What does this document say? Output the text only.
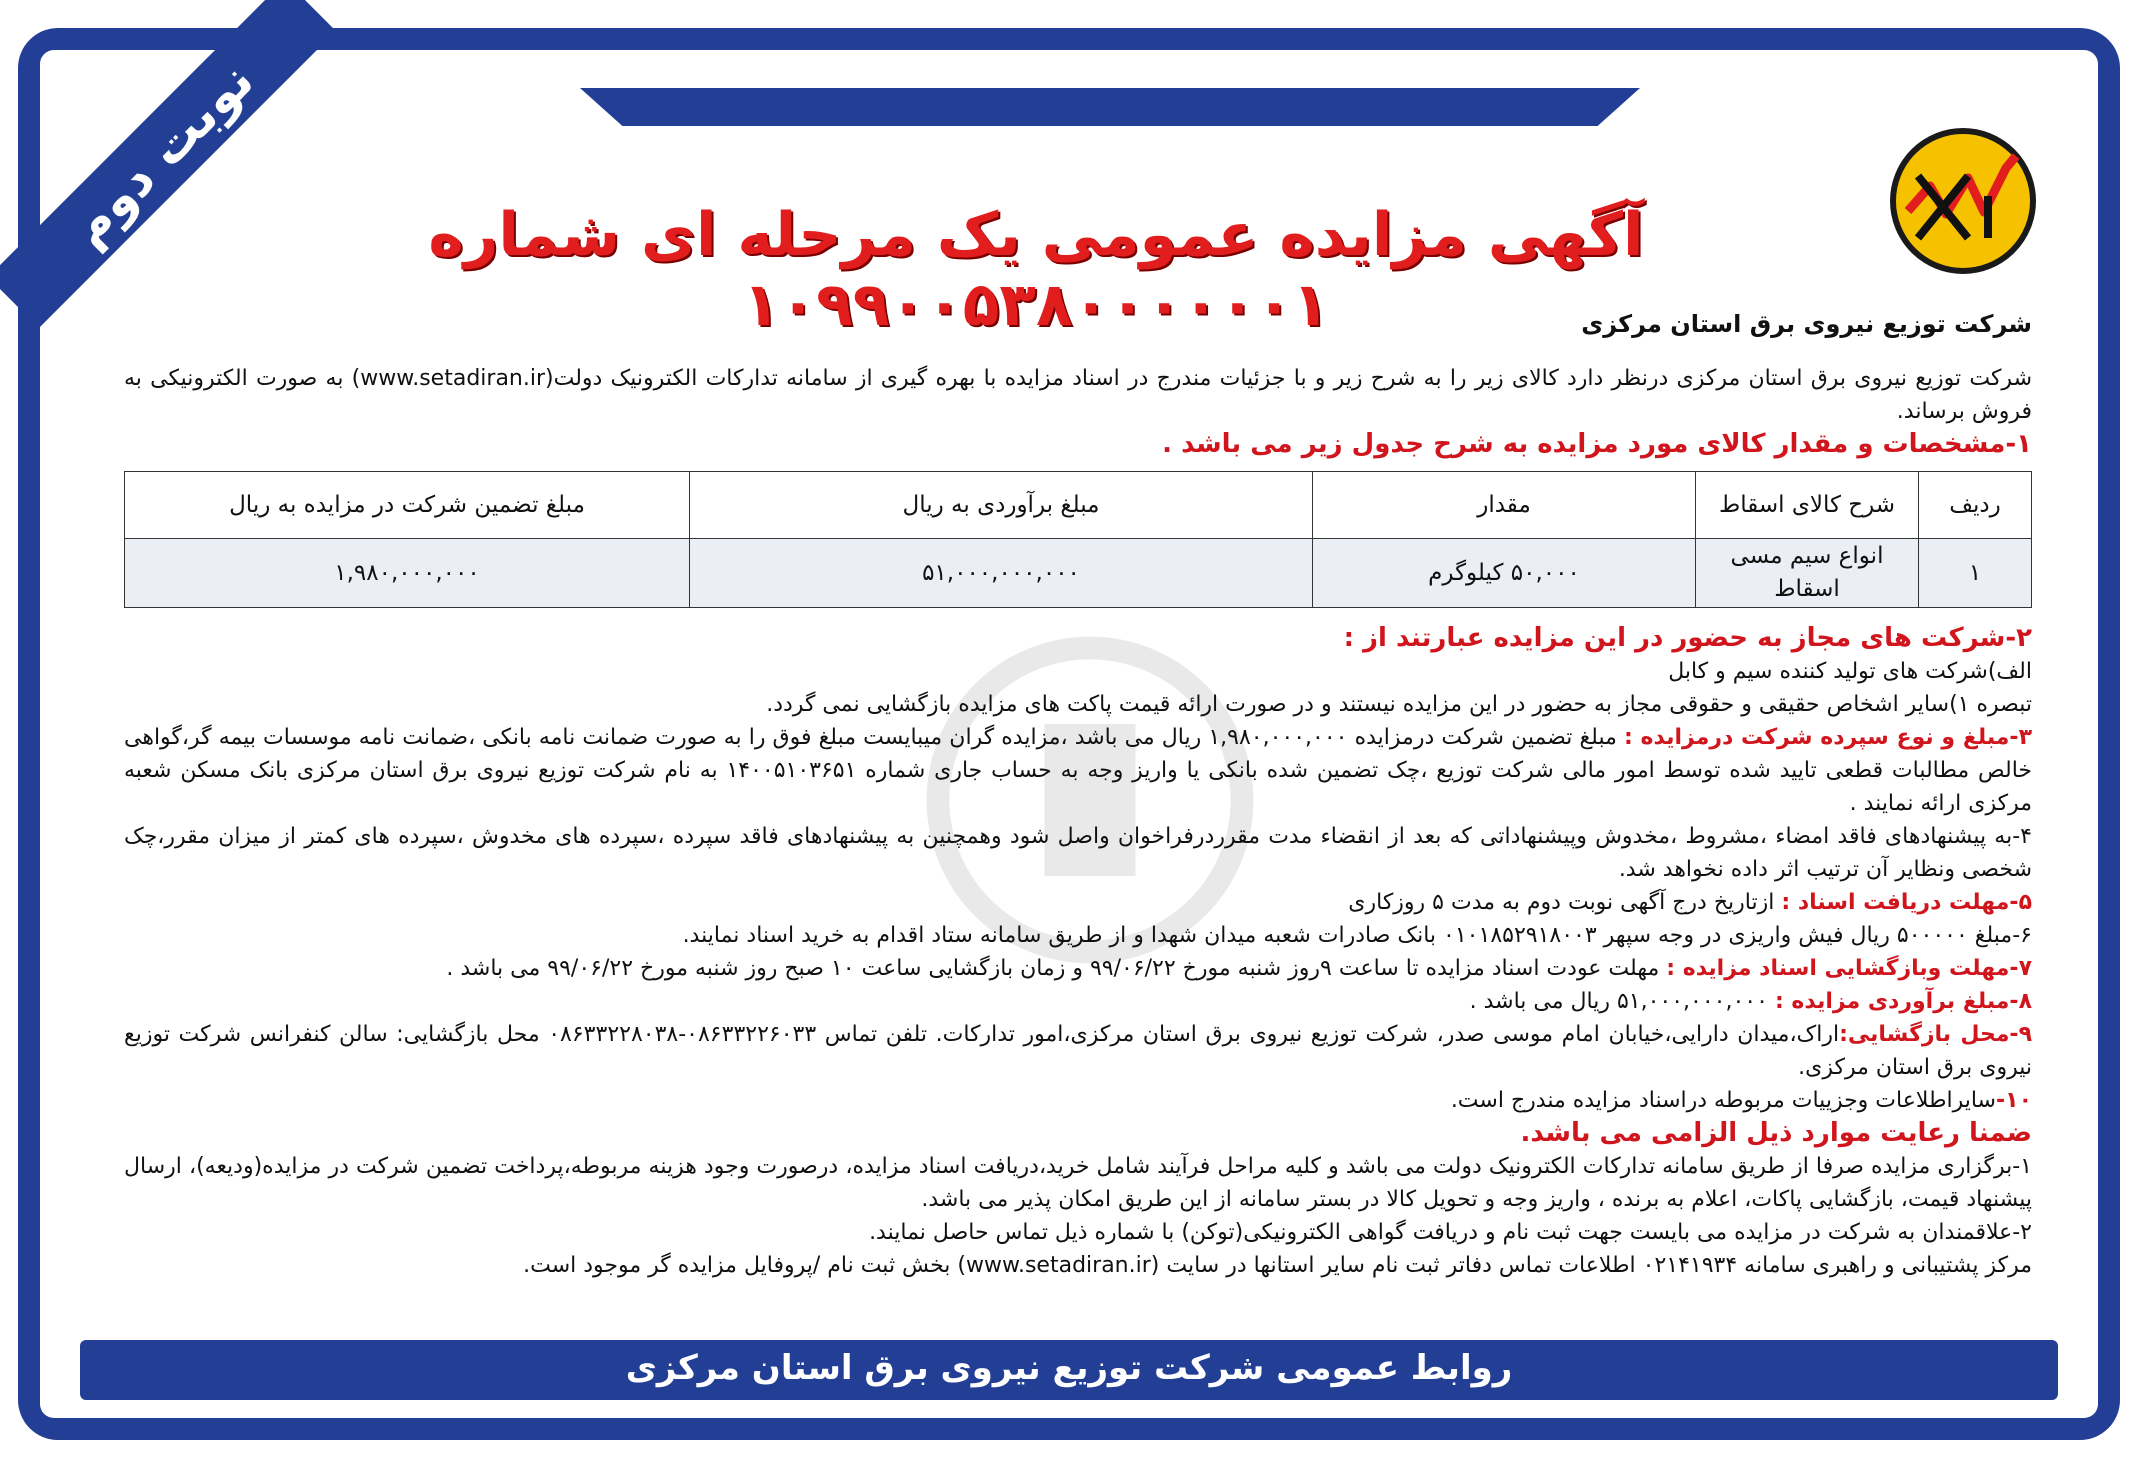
آگهی مزایده عمومی یک مرحله ای شماره ۱۰۹۹۰۰۵۳۸۰۰۰۰۰۰۱	شرکت توزیع نیروی برق استان مرکزی

شرکت توزیع نیروی برق استان مرکزی درنظر دارد کالای زیر را به شرح زیر و با جزئیات مندرج در اسناد مزایده با بهره گیری از سامانه تدارکات الکترونیک دولت(www.setadiran.ir) به صورت الکترونیکی به فروش برساند.

۱-مشخصات و مقدار کالای مورد مزایده به شرح جدول زیر می باشد .

ردیف	شرح کالای اسقاط	مقدار	مبلغ برآوردی به ریال	مبلغ تضمین شرکت در مزایده به ریال
۱	انواع سیم مسی اسقاط	۵۰,۰۰۰ کیلوگرم	۵۱,۰۰۰,۰۰۰,۰۰۰	۱,۹۸۰,۰۰۰,۰۰۰

۲-شرکت های مجاز به حضور در این مزایده عبارتند از :

الف)شرکت های تولید کننده سیم و کابل

تبصره ۱)سایر اشخاص حقیقی و حقوقی مجاز به حضور در این مزایده نیستند و در صورت ارائه قیمت پاکت های مزایده بازگشایی نمی گردد.

۳-مبلغ و نوع سپرده شرکت درمزایده : مبلغ تضمین شرکت درمزایده ۱,۹۸۰,۰۰۰,۰۰۰ ریال می باشد ،مزایده گران میبایست مبلغ فوق را به صورت ضمانت نامه بانکی ،ضمانت نامه موسسات بیمه گر،گواهی خالص مطالبات قطعی تایید شده توسط امور مالی شرکت توزیع ،چک تضمین شده بانکی یا واریز وجه به حساب جاری شماره ۱۴۰۰۵۱۰۳۶۵۱ به نام شرکت توزیع نیروی برق استان مرکزی بانک مسکن شعبه مرکزی ارائه نمایند .

۴-به پیشنهادهای فاقد امضاء ،مشروط ،مخدوش وپیشنهاداتی که بعد از انقضاء مدت مقرردرفراخوان واصل شود وهمچنین به پیشنهادهای فاقد سپرده ،سپرده های مخدوش ،سپرده های کمتر از میزان مقرر،چک شخصی ونظایر آن ترتیب اثر داده نخواهد شد.

۵-مهلت دریافت اسناد : ازتاریخ درج آگهی نوبت دوم به مدت ۵ روزکاری

۶-مبلغ ۵۰۰۰۰۰ ریال فیش واریزی در وجه سپهر ۰۱۰۱۸۵۲۹۱۸۰۰۳ بانک صادرات شعبه میدان شهدا و از طریق سامانه ستاد اقدام به خرید اسناد نمایند.

۷-مهلت وبازگشایی اسناد مزایده : مهلت عودت اسناد مزایده تا ساعت ۹روز شنبه مورخ ۹۹/۰۶/۲۲ و زمان بازگشایی ساعت ۱۰ صبح روز شنبه مورخ ۹۹/۰۶/۲۲ می باشد .

۸-مبلغ برآوردی مزایده : ۵۱,۰۰۰,۰۰۰,۰۰۰ ریال می باشد .

۹-محل بازگشایی:اراک،میدان دارایی،خیابان امام موسی صدر، شرکت توزیع نیروی برق استان مرکزی،امور تدارکات. تلفن تماس ۰۸۶۳۳۲۲۶۰۳۳-۰۸۶۳۳۲۲۸۰۳۸ محل بازگشایی: سالن کنفرانس شرکت توزیع نیروی برق استان مرکزی.

۱۰-سایراطلاعات وجزییات مربوطه دراسناد مزایده مندرج است.

ضمنا رعایت موارد ذیل الزامی می باشد.

۱-برگزاری مزایده صرفا از طریق سامانه تدارکات الکترونیک دولت می باشد و کلیه مراحل فرآیند شامل خرید،دریافت اسناد مزایده، درصورت وجود هزینه مربوطه،پرداخت تضمین شرکت در مزایده(ودیعه)، ارسال پیشنهاد قیمت، بازگشایی پاکات، اعلام به برنده ، واریز وجه و تحویل کالا در بستر سامانه از این طریق امکان پذیر می باشد.

۲-علاقمندان به شرکت در مزایده می بایست جهت ثبت نام و دریافت گواهی الکترونیکی(توکن) با شماره ذیل تماس حاصل نمایند.

مرکز پشتیبانی و راهبری سامانه ۰۲۱۴۱۹۳۴ اطلاعات تماس دفاتر ثبت نام سایر استانها در سایت (www.setadiran.ir) بخش ثبت نام /پروفایل مزایده گر موجود است.

روابط عمومی شرکت توزیع نیروی برق استان مرکزی
نوبت دوم
